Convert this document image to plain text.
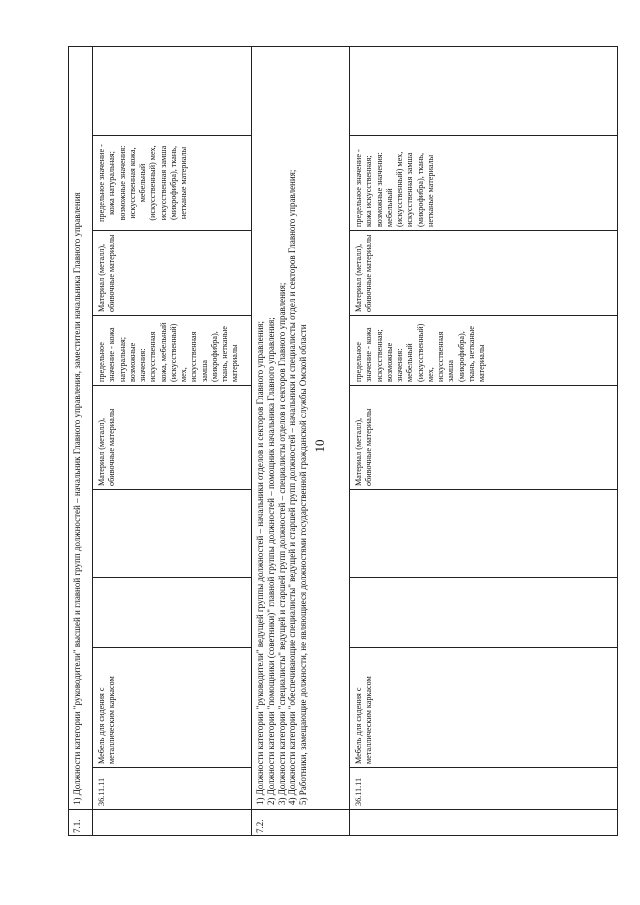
10
7.1.
1) Должности категории "руководители" высшей и главной групп должностей – начальник Главного управления, заместители начальника Главного управления	36.11.11
Мебель для сидения с металлическим каркасом
Материал (металл), обивочные материалы
предельное значение - кожа натуральная; возможные значения: искусственная кожа, мебельный (искусственный) мех, искусственная замша (микрофибра), ткань, нетканые материалы
Материал (металл), обивочные материалы
предельное значение - кожа натуральная; возможные значения: искусственная кожа, мебельный (искусственный) мех, искусственная замша (микрофибра), ткань, нетканые материалы
7.2.
1) Должности категории "руководители" ведущей группы должностей – начальники отделов и секторов Главного управления; 2) Должности категории "помощники (советники)" главной группы должностей – помощник начальника Главного управления; 3) Должности категории "специалисты" ведущей и старшей групп должностей – специалисты отделов и секторов Главного управления; 4) Должности категории "обеспечивающие специалисты" ведущей и старшей групп должностей – начальники и специалисты отдел и секторов Главного управления; 5) Работники, замещающие должности, не являющиеся должностями государственной гражданской службы Омской области	36.11.11
Мебель для сидения с металлическим каркасом
Материал (металл), обивочные материалы
предельное значение - кожа искусственная; возможные значения: мебельный (искусственный) мех, искусственная замша (микрофибра), ткань, нетканые материалы
Материал (металл), обивочные материалы
предельное значение - кожа искусственная; возможные значения: мебельный (искусственный) мех, искусственная замша (микрофибра), ткань, нетканые материалы
